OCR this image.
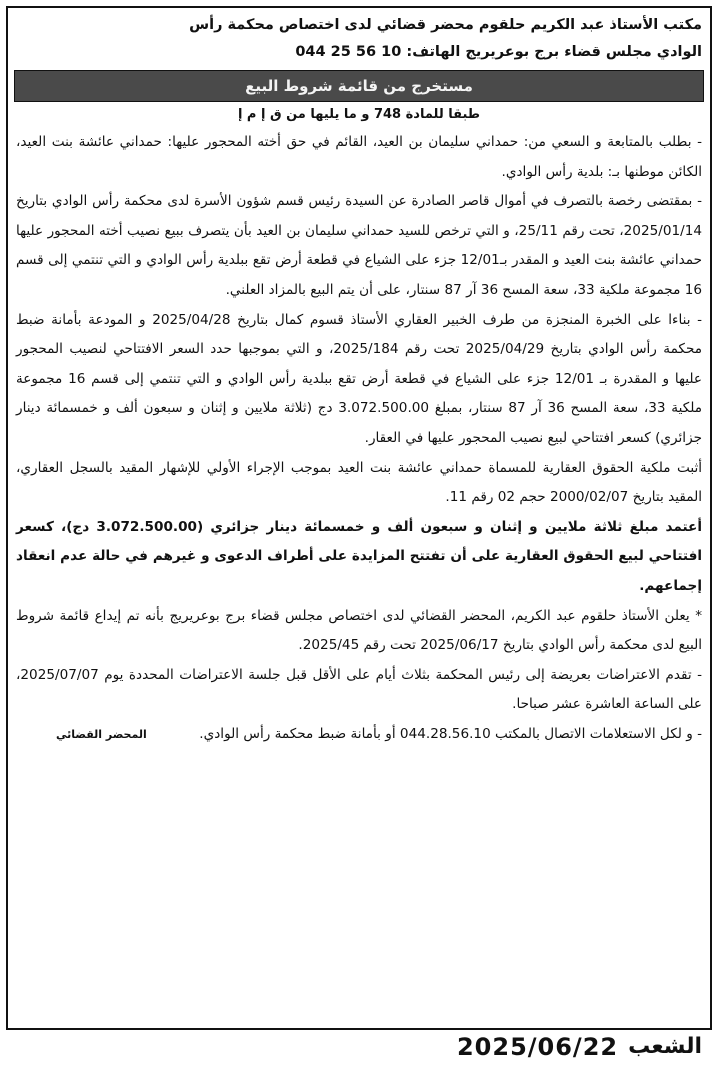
مكتب الأستاذ عبد الكريم حلقوم محضر قضائي لدى اختصاص محكمة رأس
الوادي مجلس قضاء برج بوعريريج الهاتف: 10 56 25 044
مستخرج من قائمة شروط البيع
طبقا للمادة 748 و ما يليها من ق إ م إ

- بطلب بالمتابعة و السعي من: حمداني سليمان بن العيد، القائم في حق أخته المحجور عليها: حمداني عائشة بنت العيد، الكائن موطنها بـ: بلدية رأس الوادي.

- بمقتضى رخصة بالتصرف في أموال قاصر الصادرة عن السيدة رئيس قسم شؤون الأسرة لدى محكمة رأس الوادي بتاريخ 2025/01/14، تحت رقم 25/11، و التي ترخص للسيد حمداني سليمان بن العيد بأن يتصرف ببيع نصيب أخته المحجور عليها حمداني عائشة بنت العيد و المقدر بـ12/01 جزء على الشياع في قطعة أرض تقع ببلدية رأس الوادي و التي تنتمي إلى قسم 16 مجموعة ملكية 33، سعة المسح 36 آر 87 سنتار، على أن يتم البيع بالمزاد العلني.

- بناءا على الخبرة المنجزة من طرف الخبير العقاري الأستاذ قسوم كمال بتاريخ 2025/04/28 و المودعة بأمانة ضبط محكمة رأس الوادي بتاريخ 2025/04/29 تحت رقم 2025/184، و التي بموجبها حدد السعر الافتتاحي لنصيب المحجور عليها و المقدرة بـ 12/01 جزء على الشياع في قطعة أرض تقع ببلدية رأس الوادي و التي تنتمي إلى قسم 16 مجموعة ملكية 33، سعة المسح 36 آر 87 سنتار، بمبلغ 3.072.500.00 دج (ثلاثة ملايين و إثنان و سبعون ألف و خمسمائة دينار جزائري) كسعر افتتاحي لبيع نصيب المحجور عليها في العقار.

أثبت ملكية الحقوق العقارية للمسماة حمداني عائشة بنت العيد بموجب الإجراء الأولي للإشهار المقيد بالسجل العقاري، المقيد بتاريخ 2000/02/07 حجم 02 رقم 11.

أعتمد مبلغ ثلاثة ملايين و إثنان و سبعون ألف و خمسمائة دينار جزائري (3.072.500.00 دج)، كسعر افتتاحي لبيع الحقوق العقارية على أن تفتتح المزايدة على أطراف الدعوى و غيرهم في حالة عدم انعقاد إجماعهم.

* يعلن الأستاذ حلقوم عبد الكريم، المحضر القضائي لدى اختصاص مجلس قضاء برج بوعريريج بأنه تم إيداع قائمة شروط البيع لدى محكمة رأس الوادي بتاريخ 2025/06/17 تحت رقم 2025/45.

- تقدم الاعتراضات بعريضة إلى رئيس المحكمة بثلاث أيام على الأقل قبل جلسة الاعتراضات المحددة يوم 2025/07/07، على الساعة العاشرة عشر صباحا.

- و لكل الاستعلامات الاتصال بالمكتب 044.28.56.10 أو بأمانة ضبط محكمة رأس الوادي.

المحضر القضائي
الشعب
2025/06/22
